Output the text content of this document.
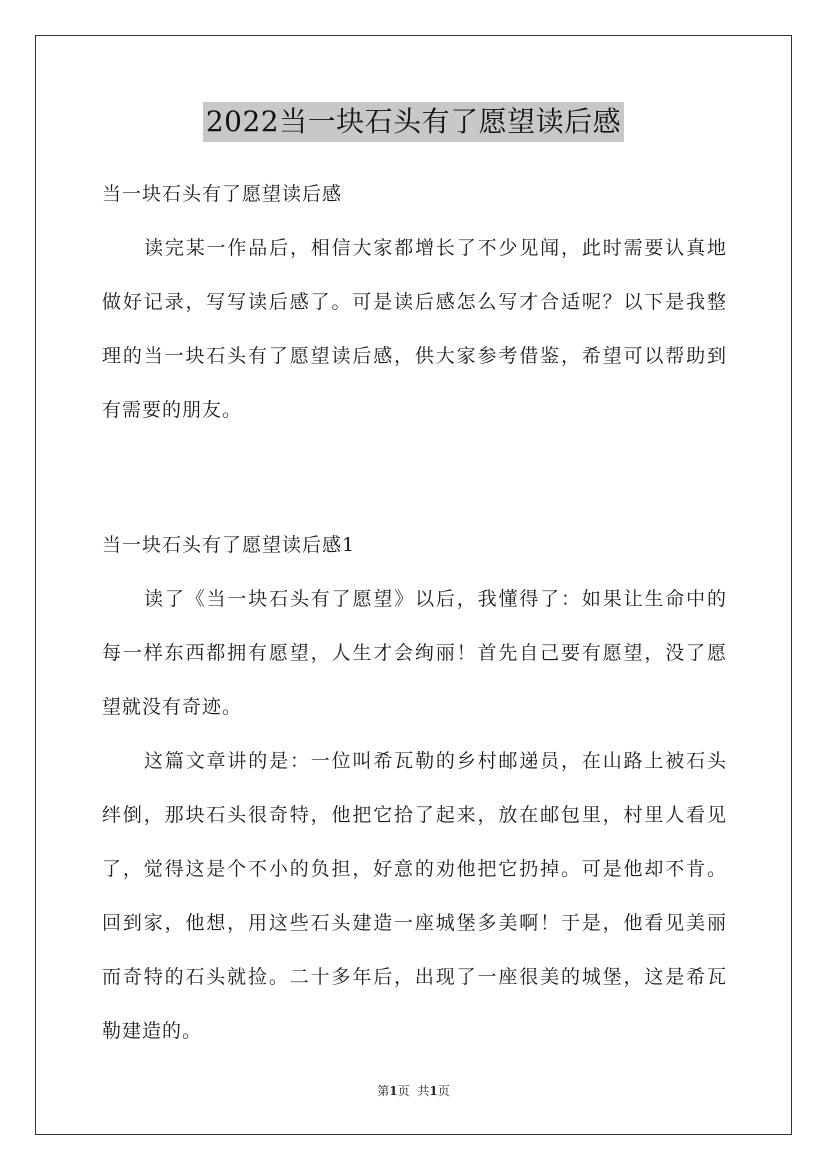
2022当一块石头有了愿望读后感
当一块石头有了愿望读后感
读完某一作品后，相信大家都增长了不少见闻，此时需要认真地
做好记录，写写读后感了。可是读后感怎么写才合适呢？以下是我整
理的当一块石头有了愿望读后感，供大家参考借鉴，希望可以帮助到
有需要的朋友。
当一块石头有了愿望读后感1
读了《当一块石头有了愿望》以后，我懂得了：如果让生命中的
每一样东西都拥有愿望，人生才会绚丽！首先自己要有愿望，没了愿
望就没有奇迹。
这篇文章讲的是：一位叫希瓦勒的乡村邮递员，在山路上被石头
绊倒，那块石头很奇特，他把它拾了起来，放在邮包里，村里人看见
了，觉得这是个不小的负担，好意的劝他把它扔掉。可是他却不肯。
回到家，他想，用这些石头建造一座城堡多美啊！于是，他看见美丽
而奇特的石头就捡。二十多年后，出现了一座很美的城堡，这是希瓦
勒建造的。
第1页 共1页
